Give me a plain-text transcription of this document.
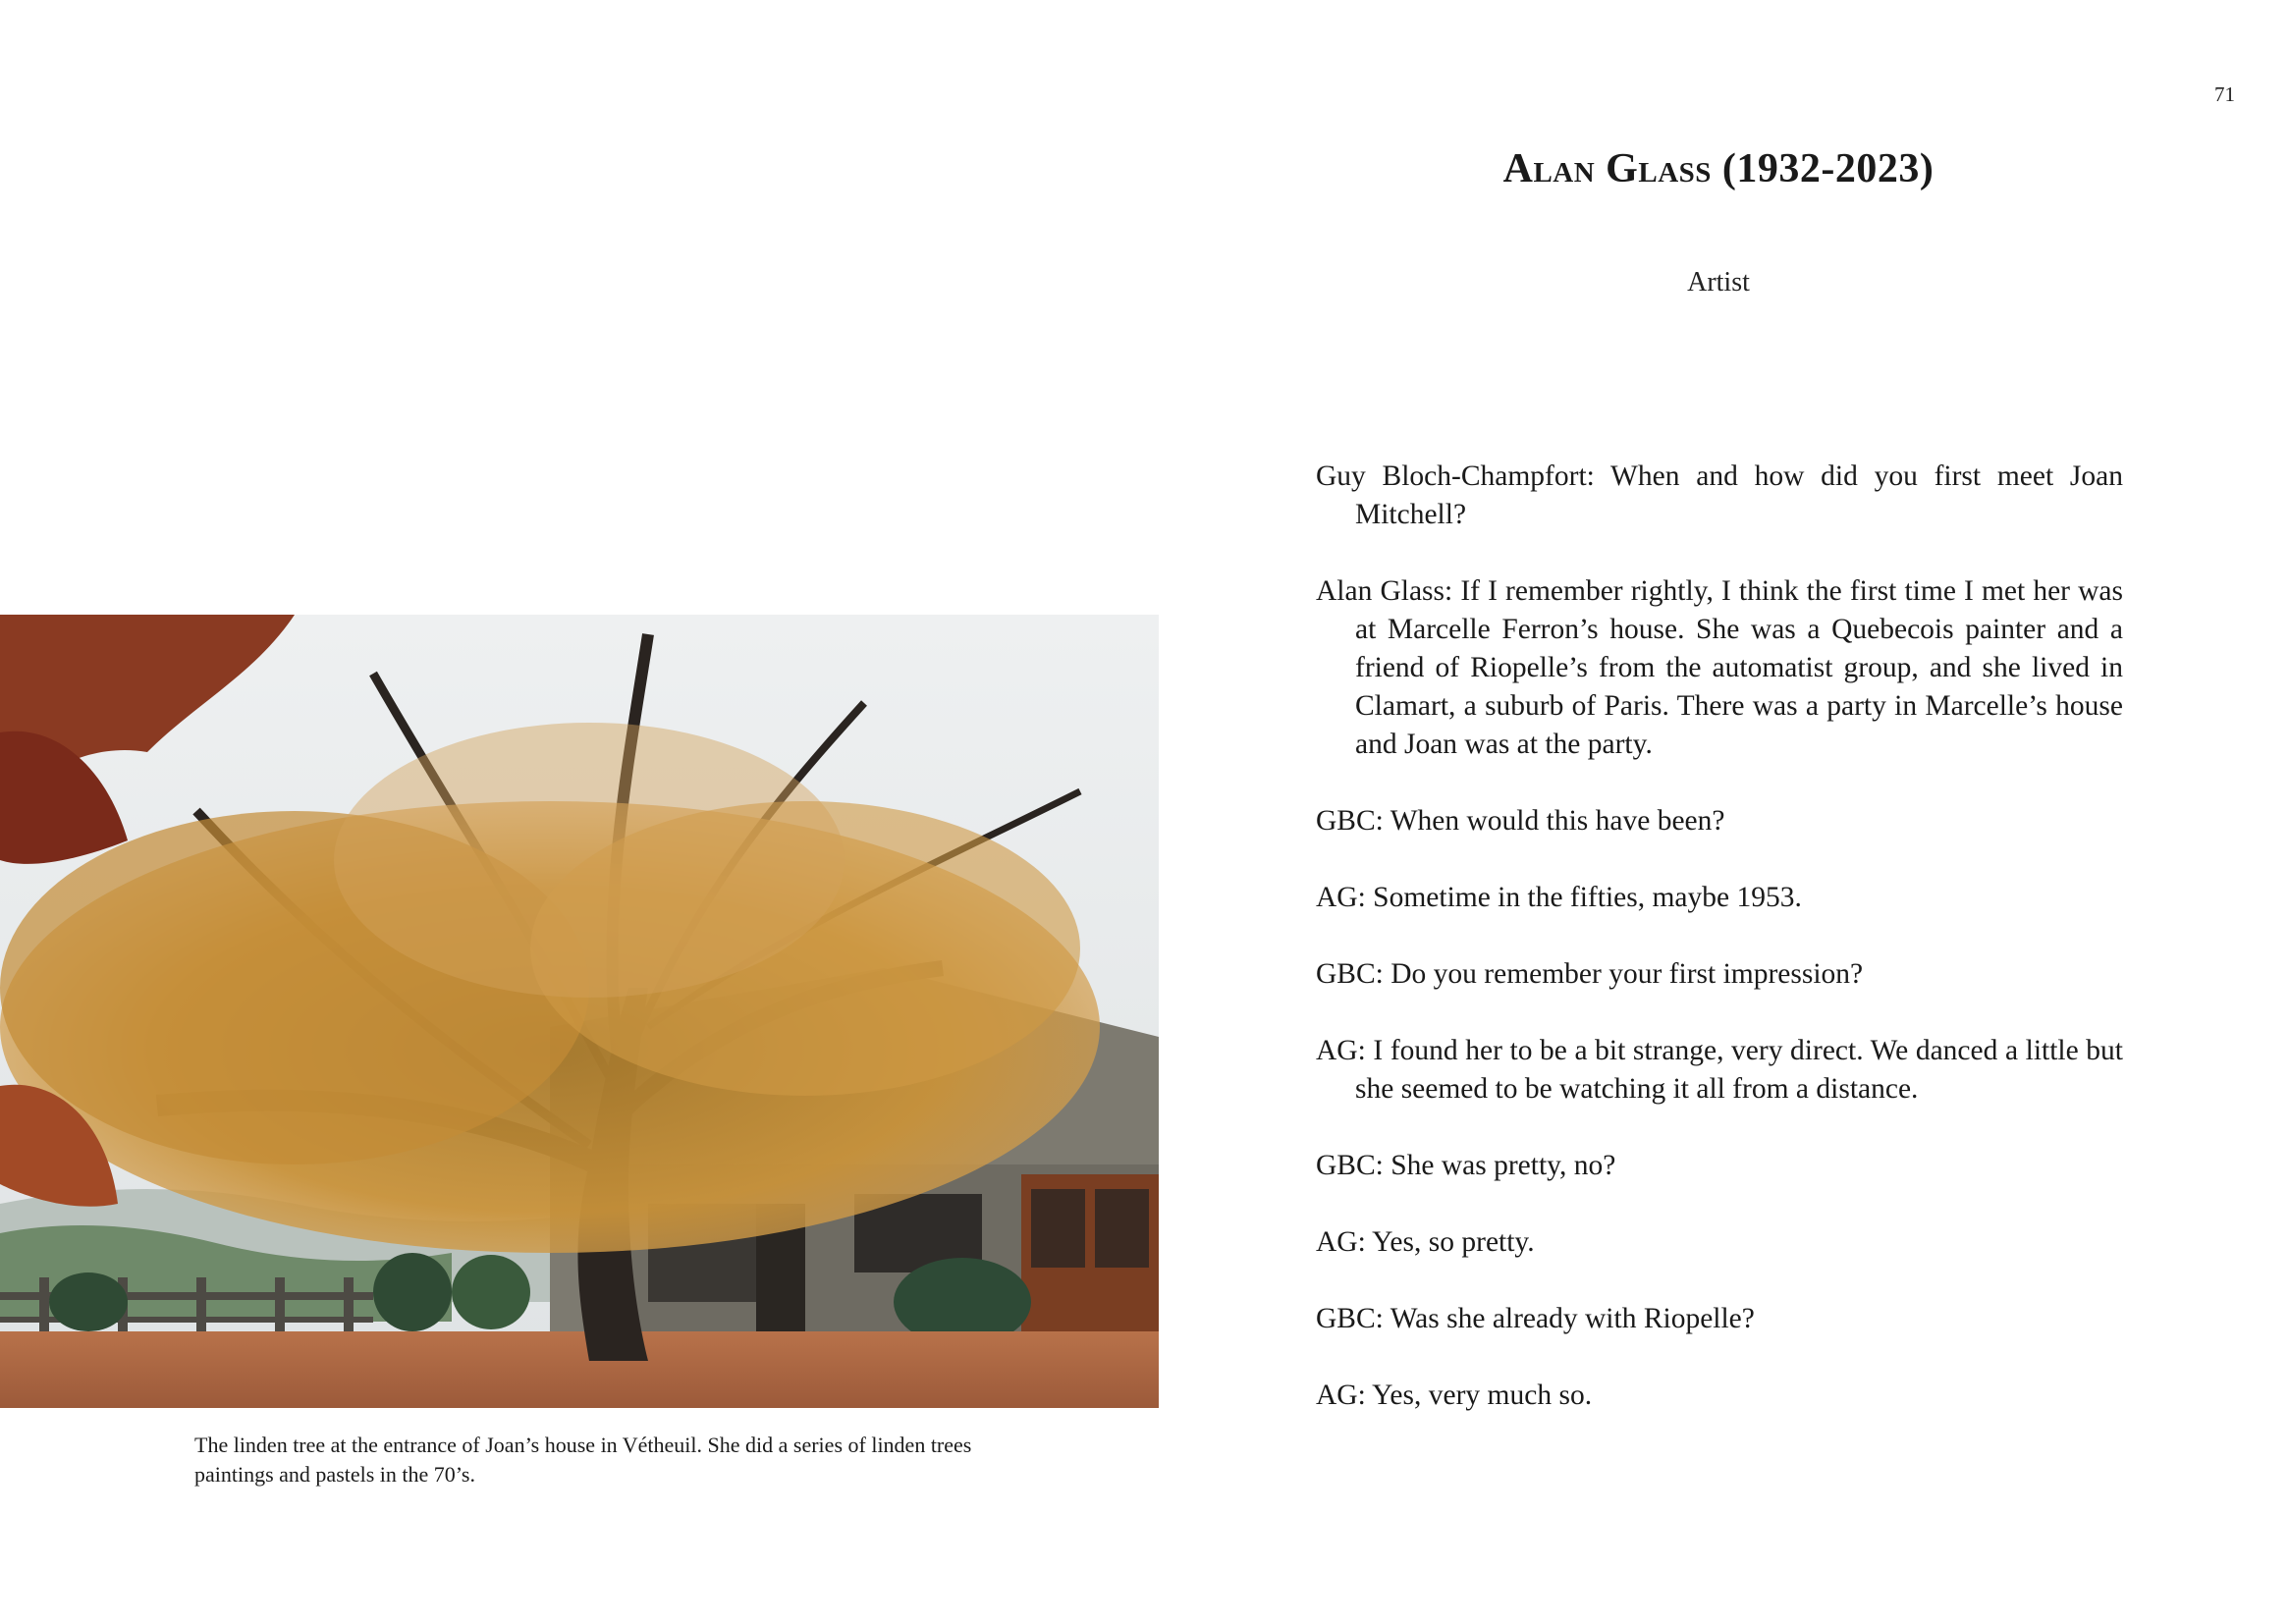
The linden tree at the entrance of Joan’s house in Vétheuil. She did a series of linden trees paintings and pastels in the 70’s.
71
Alan Glass (1932-2023)
Artist

Guy Bloch-Champfort: When and how did you first meet Joan Mitchell?

Alan Glass: If I remember rightly, I think the first time I met her was at Marcelle Ferron’s house. She was a Quebecois painter and a friend of Riopelle’s from the automatist group, and she lived in Clamart, a suburb of Paris. There was a party in Marcelle’s house and Joan was at the party.

GBC: When would this have been?

AG: Sometime in the fifties, maybe 1953.

GBC: Do you remember your first impression?

AG: I found her to be a bit strange, very direct. We danced a little but she seemed to be watching it all from a distance.

GBC: She was pretty, no?

AG: Yes, so pretty.

GBC: Was she already with Riopelle?

AG: Yes, very much so.
